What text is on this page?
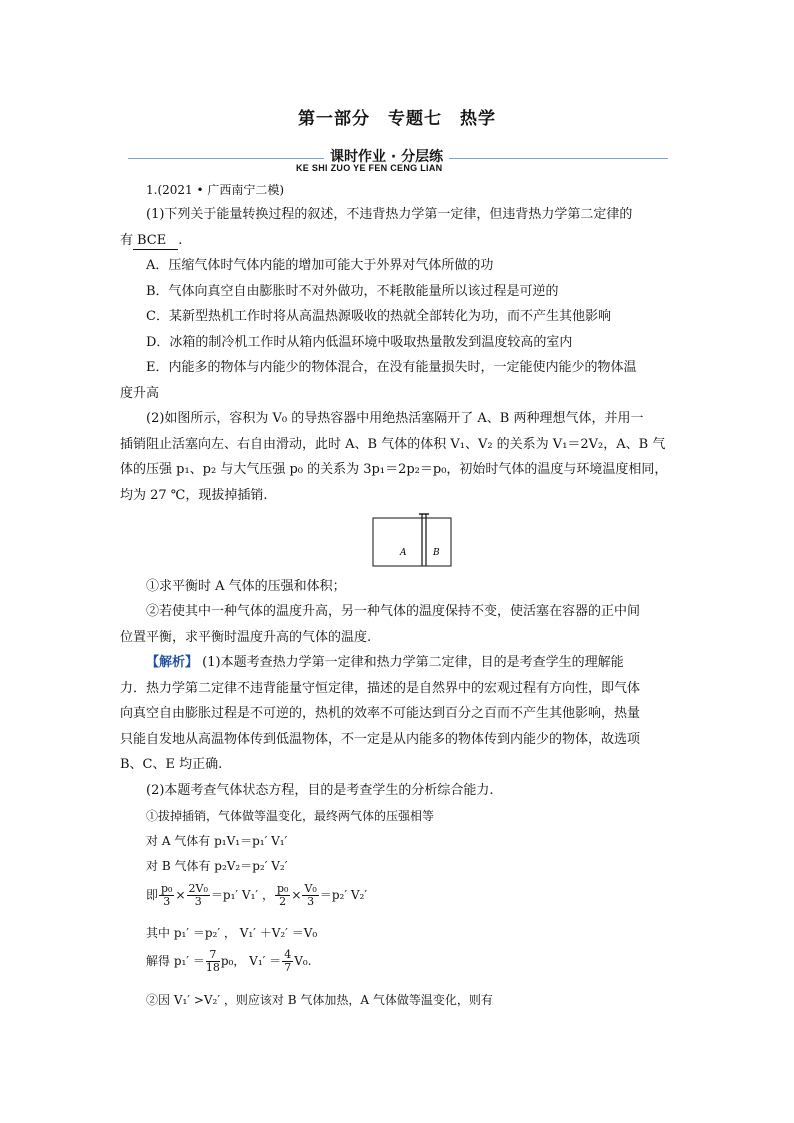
第一部分　专题七　热学
课时作业 · 分层练
KE SHI ZUO YE FEN CENG LIAN
1.(2021 • 广西南宁二模)
(1)下列关于能量转换过程的叙述，不违背热力学第一定律，但违背热力学第二定律的
有 BCE .
A．压缩气体时气体内能的增加可能大于外界对气体所做的功
B．气体向真空自由膨胀时不对外做功，不耗散能量所以该过程是可逆的
C．某新型热机工作时将从高温热源吸收的热就全部转化为功，而不产生其他影响
D．冰箱的制冷机工作时从箱内低温环境中吸取热量散发到温度较高的室内
E．内能多的物体与内能少的物体混合，在没有能量损失时，一定能使内能少的物体温
度升高
(2)如图所示，容积为 V₀ 的导热容器中用绝热活塞隔开了 A、B 两种理想气体，并用一
插销阻止活塞向左、右自由滑动，此时 A、B 气体的体积 V₁、V₂ 的关系为 V₁＝2V₂，A、B 气
体的压强 p₁、p₂ 与大气压强 p₀ 的关系为 3p₁＝2p₂＝p₀，初始时气体的温度与环境温度相同，
均为 27 ℃，现拔掉插销.
A	B
①求平衡时 A 气体的压强和体积；
②若使其中一种气体的温度升高，另一种气体的温度保持不变，使活塞在容器的正中间
位置平衡，求平衡时温度升高的气体的温度.
【解析】 (1)本题考查热力学第一定律和热力学第二定律，目的是考查学生的理解能
力．热力学第二定律不违背能量守恒定律，描述的是自然界中的宏观过程有方向性，即气体
向真空自由膨胀过程是不可逆的，热机的效率不可能达到百分之百而不产生其他影响，热量
只能自发地从高温物体传到低温物体，不一定是从内能多的物体传到内能少的物体，故选项
B、C、E 均正确.
(2)本题考查气体状态方程，目的是考查学生的分析综合能力.
①拔掉插销，气体做等温变化，最终两气体的压强相等
对 A 气体有 p₁V₁＝p₁′ V₁′
对 B 气体有 p₂V₂＝p₂′ V₂′
即 $\frac{\text{p₀}}{3} \times \frac{\text{2V₀}}{3} =p_1'$ V₁′ ， $\frac{\text{p₀}}{2} \times \frac{\text{V₀}}{3} =p_2'$ V₂′
其中 p₁′ ＝p₂′ ， V₁′ ＋V₂′ ＝V₀
解得 $p_1' = \frac{7}{18} p_0$， $V_1' = \frac{4}{7} V_0$.
②因 V₁′ >V₂′ ，则应该对 B 气体加热，A 气体做等温变化，则有
